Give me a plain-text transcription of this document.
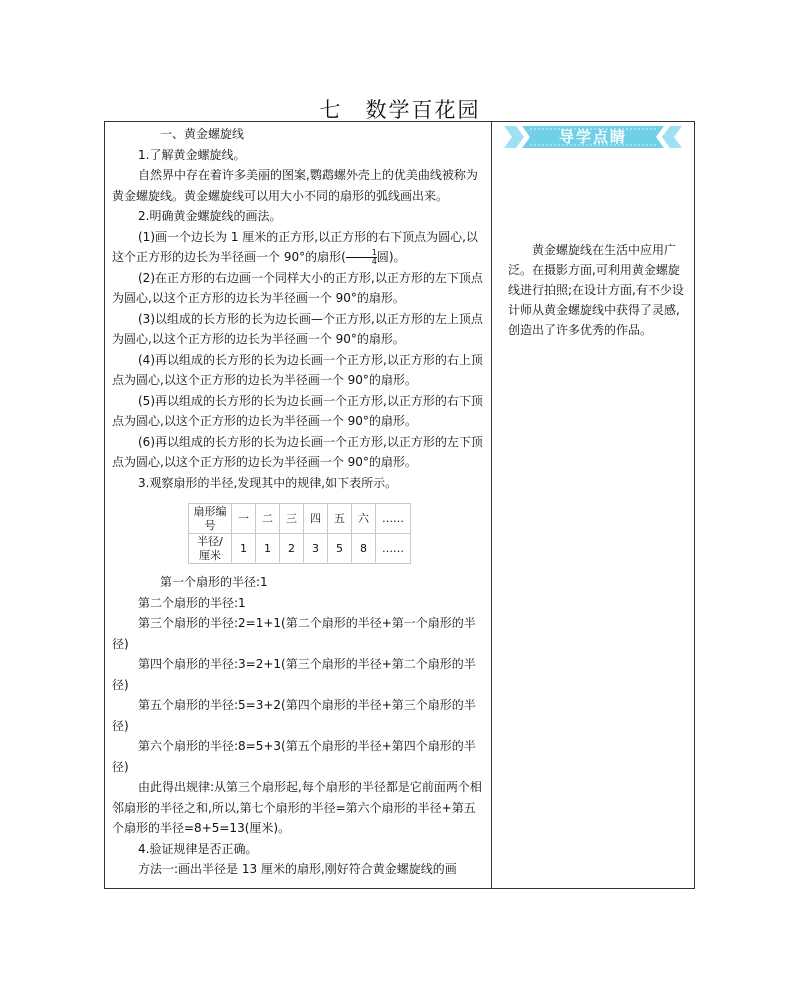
七　数学百花园

一、黄金螺旋线

1.了解黄金螺旋线。

自然界中存在着许多美丽的图案,鹦鹉螺外壳上的优美曲线被称为黄金螺旋线。黄金螺旋线可以用大小不同的扇形的弧线画出来。

2.明确黄金螺旋线的画法。

(1)画一个边长为 1 厘米的正方形,以正方形的右下顶点为圆心,以这个正方形的边长为半径画一个 90°的扇形( $\frac{1}{4}$ 圆)。

(2)在正方形的右边画一个同样大小的正方形,以正方形的左下顶点为圆心,以这个正方形的边长为半径画一个 90°的扇形。

(3)以组成的长方形的长为边长画—个正方形,以正方形的左上顶点为圆心,以这个正方形的边长为半径画一个 90°的扇形。

(4)再以组成的长方形的长为边长画一个正方形,以正方形的右上顶点为圆心,以这个正方形的边长为半径画一个 90°的扇形。

(5)再以组成的长方形的长为边长画一个正方形,以正方形的右下顶点为圆心,以这个正方形的边长为半径画一个 90°的扇形。

(6)再以组成的长方形的长为边长画一个正方形,以正方形的左下顶点为圆心,以这个正方形的边长为半径画一个 90°的扇形。

3.观察扇形的半径,发现其中的规律,如下表所示。

扇形编号	一	二	三	四	五	六	……
半径/厘米	1	1	2	3	5	8	……

第一个扇形的半径:1

第二个扇形的半径:1

第三个扇形的半径:2=1+1(第二个扇形的半径+第一个扇形的半径)

第四个扇形的半径:3=2+1(第三个扇形的半径+第二个扇形的半径)

第五个扇形的半径:5=3+2(第四个扇形的半径+第三个扇形的半径)

第六个扇形的半径:8=5+3(第五个扇形的半径+第四个扇形的半径)

由此得出规律:从第三个扇形起,每个扇形的半径都是它前面两个相邻扇形的半径之和,所以,第七个扇形的半径=第六个扇形的半径+第五个扇形的半径=8+5=13(厘米)。

4.验证规律是否正确。

方法一:画出半径是 13 厘米的扇形,刚好符合黄金螺旋线的画

导学点睛

黄金螺旋线在生活中应用广泛。在摄影方面,可利用黄金螺旋线进行拍照;在设计方面,有不少设计师从黄金螺旋线中获得了灵感,创造出了许多优秀的作品。
